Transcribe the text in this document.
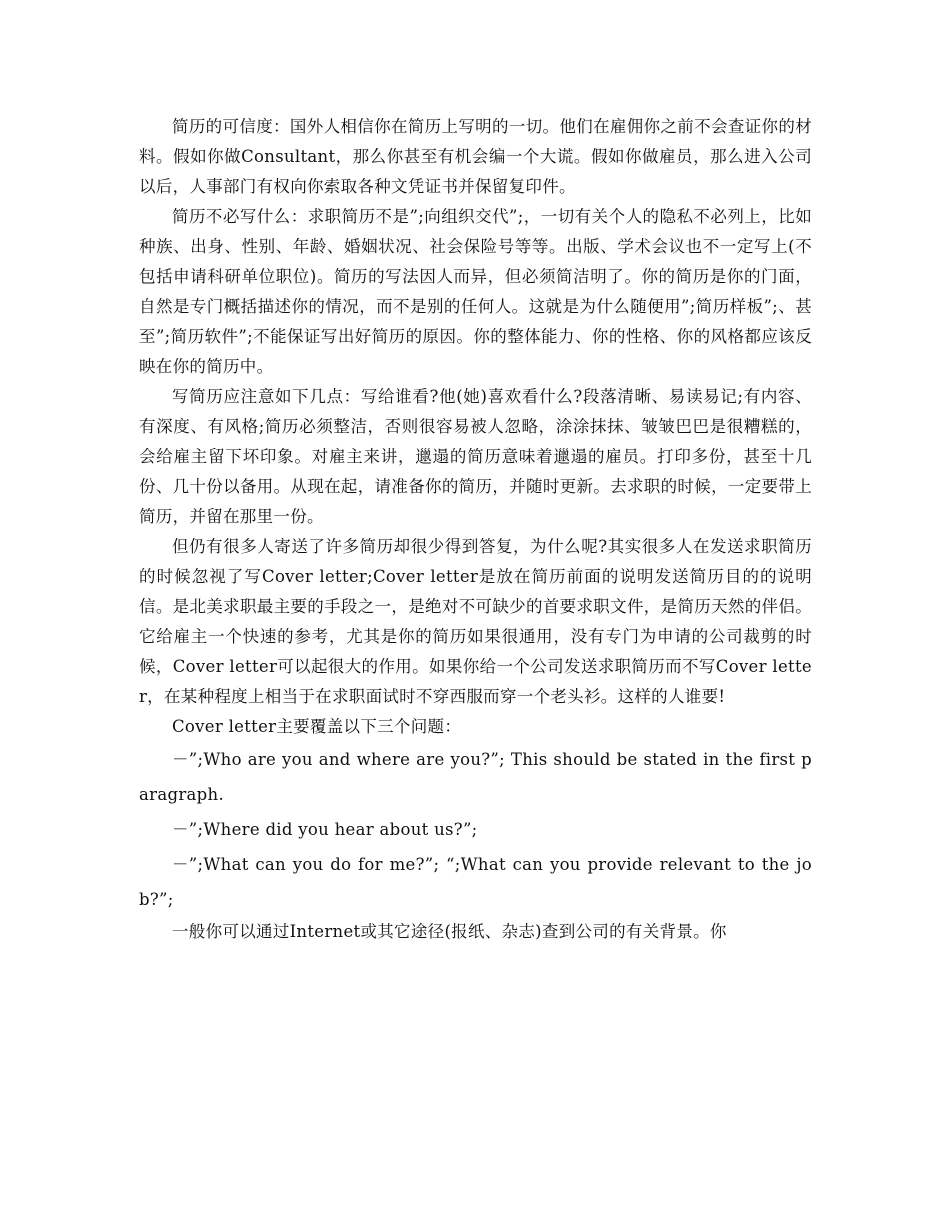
简历的可信度：国外人相信你在简历上写明的一切。他们在雇佣你之前不会查证你的材料。假如你做Consultant，那么你甚至有机会编一个大谎。假如你做雇员，那么进入公司以后，人事部门有权向你索取各种文凭证书并保留复印件。

简历不必写什么：求职简历不是”;向组织交代”;，一切有关个人的隐私不必列上，比如种族、出身、性别、年龄、婚姻状况、社会保险号等等。出版、学术会议也不一定写上(不包括申请科研单位职位)。简历的写法因人而异，但必须简洁明了。你的简历是你的门面，自然是专门概括描述你的情况，而不是别的任何人。这就是为什么随便用”;简历样板”;、甚至”;简历软件”;不能保证写出好简历的原因。你的整体能力、你的性格、你的风格都应该反映在你的简历中。

写简历应注意如下几点：写给谁看?他(她)喜欢看什么?段落清晰、易读易记;有内容、有深度、有风格;简历必须整洁，否则很容易被人忽略，涂涂抹抹、皱皱巴巴是很糟糕的，会给雇主留下坏印象。对雇主来讲，邋遢的简历意味着邋遢的雇员。打印多份，甚至十几份、几十份以备用。从现在起，请准备你的简历，并随时更新。去求职的时候，一定要带上简历，并留在那里一份。

但仍有很多人寄送了许多简历却很少得到答复，为什么呢?其实很多人在发送求职简历的时候忽视了写Cover letter;Cover letter是放在简历前面的说明发送简历目的的说明信。是北美求职最主要的手段之一，是绝对不可缺少的首要求职文件，是简历天然的伴侣。它给雇主一个快速的参考，尤其是你的简历如果很通用，没有专门为申请的公司裁剪的时候，Cover letter可以起很大的作用。如果你给一个公司发送求职简历而不写Cover letter，在某种程度上相当于在求职面试时不穿西服而穿一个老头衫。这样的人谁要!

Cover letter主要覆盖以下三个问题：

－”;Who are you and where are you?”; This should be stated in the first paragraph.

－”;Where did you hear about us?”;

－”;What can you do for me?”; “;What can you provide relevant to the job?”;

一般你可以通过Internet或其它途径(报纸、杂志)查到公司的有关背景。你
